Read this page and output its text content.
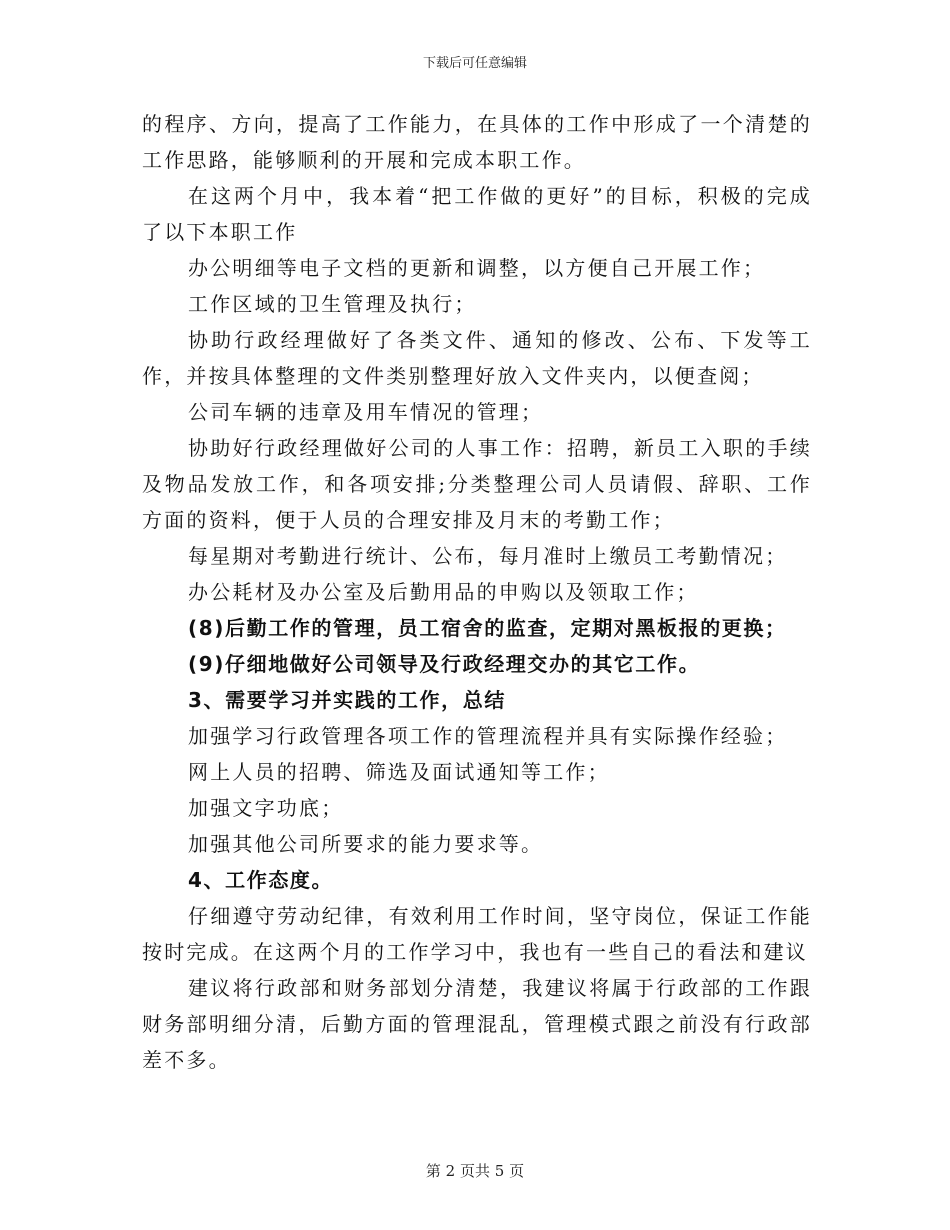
下载后可任意编辑

的程序、方向，提高了工作能力，在具体的工作中形成了一个清楚的工作思路，能够顺利的开展和完成本职工作。

在这两个月中，我本着“把工作做的更好”的目标，积极的完成了以下本职工作

办公明细等电子文档的更新和调整，以方便自己开展工作；

工作区域的卫生管理及执行；

协助行政经理做好了各类文件、通知的修改、公布、下发等工作，并按具体整理的文件类别整理好放入文件夹内，以便查阅；

公司车辆的违章及用车情况的管理；

协助好行政经理做好公司的人事工作：招聘，新员工入职的手续及物品发放工作，和各项安排;分类整理公司人员请假、辞职、工作方面的资料，便于人员的合理安排及月末的考勤工作；

每星期对考勤进行统计、公布，每月准时上缴员工考勤情况；

办公耗材及办公室及后勤用品的申购以及领取工作；

(8)后勤工作的管理，员工宿舍的监查，定期对黑板报的更换；

(9)仔细地做好公司领导及行政经理交办的其它工作。

3、需要学习并实践的工作，总结

加强学习行政管理各项工作的管理流程并具有实际操作经验；

网上人员的招聘、筛选及面试通知等工作；

加强文字功底；

加强其他公司所要求的能力要求等。

4、工作态度。

仔细遵守劳动纪律，有效利用工作时间，坚守岗位，保证工作能按时完成。在这两个月的工作学习中，我也有一些自己的看法和建议

建议将行政部和财务部划分清楚，我建议将属于行政部的工作跟财务部明细分清，后勤方面的管理混乱，管理模式跟之前没有行政部差不多。

第 2 页共 5 页
